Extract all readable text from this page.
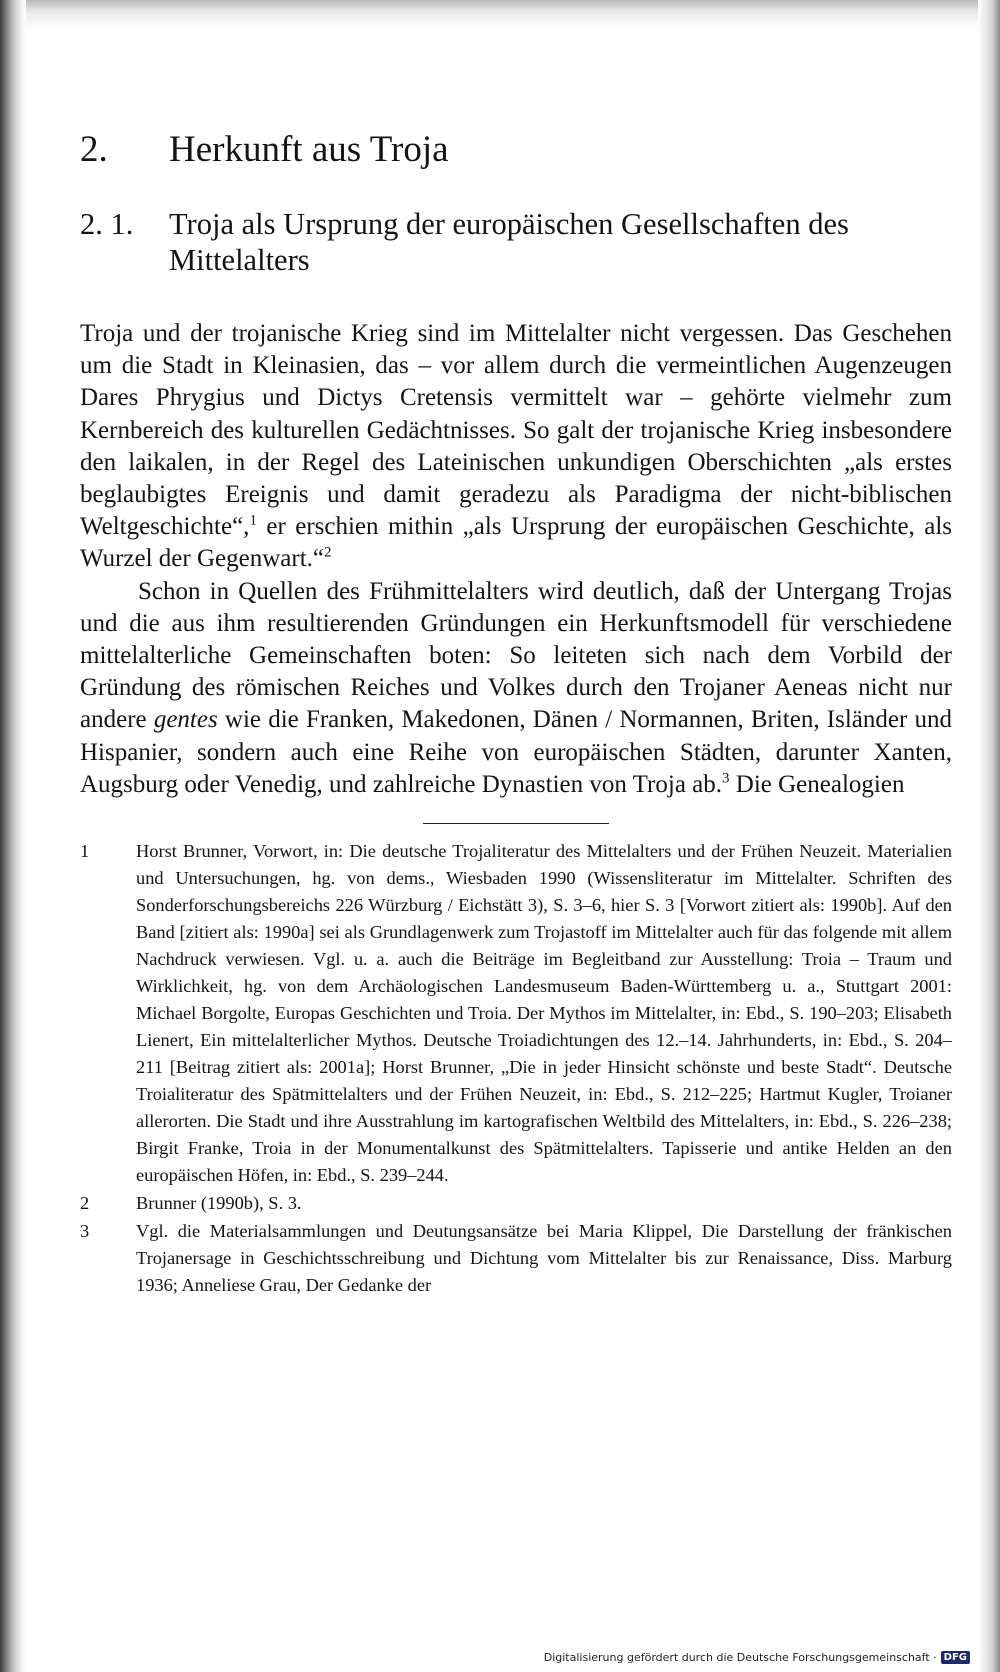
2.	Herkunft aus Troja
2. 1.	Troja als Ursprung der europäischen Gesellschaften des Mittelalters

Troja und der trojanische Krieg sind im Mittelalter nicht vergessen. Das Geschehen um die Stadt in Kleinasien, das – vor allem durch die vermeintlichen Augenzeugen Dares Phrygius und Dictys Cretensis vermittelt war – gehörte vielmehr zum Kernbereich des kulturellen Gedächtnisses. So galt der trojanische Krieg insbesondere den laikalen, in der Regel des Lateinischen unkundigen Oberschichten „als erstes beglaubigtes Ereignis und damit geradezu als Paradigma der nicht-biblischen Weltgeschichte“,$^1$ er erschien mithin „als Ursprung der europäischen Geschichte, als Wurzel der Gegenwart.“$^2$

Schon in Quellen des Frühmittelalters wird deutlich, daß der Untergang Trojas und die aus ihm resultierenden Gründungen ein Herkunftsmodell für verschiedene mittelalterliche Gemeinschaften boten: So leiteten sich nach dem Vorbild der Gründung des römischen Reiches und Volkes durch den Trojaner Aeneas nicht nur andere gentes wie die Franken, Makedonen, Dänen / Normannen, Briten, Isländer und Hispanier, sondern auch eine Reihe von europäischen Städten, darunter Xanten, Augsburg oder Venedig, und zahlreiche Dynastien von Troja ab.$^3$ Die Genealogien

1	Horst Brunner, Vorwort, in: Die deutsche Trojaliteratur des Mittelalters und der Frühen Neuzeit. Materialien und Untersuchungen, hg. von dems., Wiesbaden 1990 (Wissensliteratur im Mittelalter. Schriften des Sonderforschungsbereichs 226 Würzburg / Eichstätt 3), S. 3–6, hier S. 3 [Vorwort zitiert als: 1990b]. Auf den Band [zitiert als: 1990a] sei als Grundlagenwerk zum Trojastoff im Mittelalter auch für das folgende mit allem Nachdruck verwiesen. Vgl. u. a. auch die Beiträge im Begleitband zur Ausstellung: Troia – Traum und Wirklichkeit, hg. von dem Archäologischen Landesmuseum Baden-Württemberg u. a., Stuttgart 2001: Michael Borgolte, Europas Geschichten und Troia. Der Mythos im Mittelalter, in: Ebd., S. 190–203; Elisabeth Lienert, Ein mittelalterlicher Mythos. Deutsche Troiadichtungen des 12.–14. Jahrhunderts, in: Ebd., S. 204–211 [Beitrag zitiert als: 2001a]; Horst Brunner, „Die in jeder Hinsicht schönste und beste Stadt“. Deutsche Troialiteratur des Spätmittelalters und der Frühen Neuzeit, in: Ebd., S. 212–225; Hartmut Kugler, Troianer allerorten. Die Stadt und ihre Ausstrahlung im kartografischen Weltbild des Mittelalters, in: Ebd., S. 226–238; Birgit Franke, Troia in der Monumentalkunst des Spätmittelalters. Tapisserie und antike Helden an den europäischen Höfen, in: Ebd., S. 239–244.
2	Brunner (1990b), S. 3.
3	Vgl. die Materialsammlungen und Deutungsansätze bei Maria Klippel, Die Darstellung der fränkischen Trojanersage in Geschichtsschreibung und Dichtung vom Mittelalter bis zur Renaissance, Diss. Marburg 1936; Anneliese Grau, Der Gedanke der
Digitalisierung gefördert durch die Deutsche Forschungsgemeinschaft · DFG
